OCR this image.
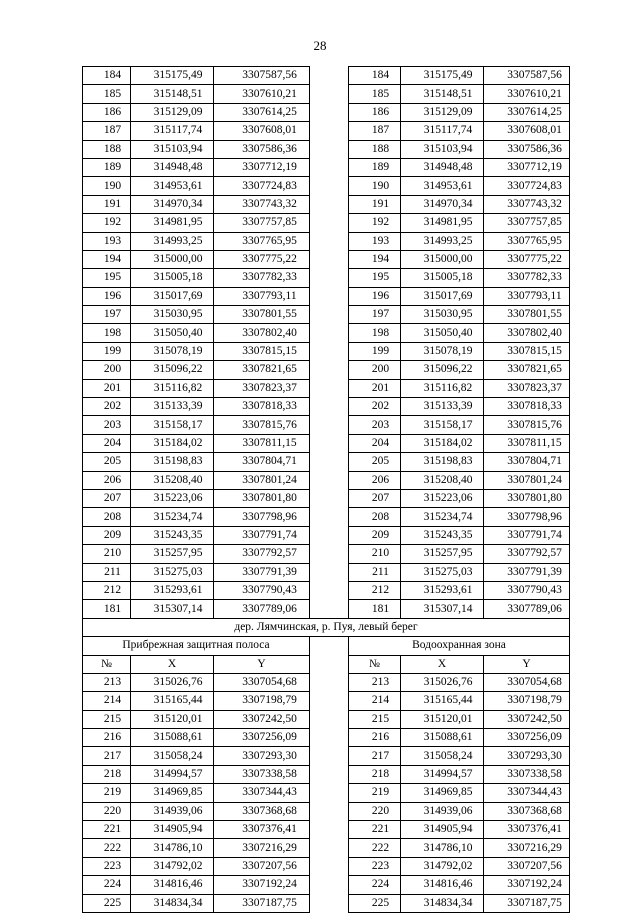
28
184	315175,49	3307587,56		184	315175,49	3307587,56
185	315148,51	3307610,21		185	315148,51	3307610,21
186	315129,09	3307614,25		186	315129,09	3307614,25
187	315117,74	3307608,01		187	315117,74	3307608,01
188	315103,94	3307586,36		188	315103,94	3307586,36
189	314948,48	3307712,19		189	314948,48	3307712,19
190	314953,61	3307724,83		190	314953,61	3307724,83
191	314970,34	3307743,32		191	314970,34	3307743,32
192	314981,95	3307757,85		192	314981,95	3307757,85
193	314993,25	3307765,95		193	314993,25	3307765,95
194	315000,00	3307775,22		194	315000,00	3307775,22
195	315005,18	3307782,33		195	315005,18	3307782,33
196	315017,69	3307793,11		196	315017,69	3307793,11
197	315030,95	3307801,55		197	315030,95	3307801,55
198	315050,40	3307802,40		198	315050,40	3307802,40
199	315078,19	3307815,15		199	315078,19	3307815,15
200	315096,22	3307821,65		200	315096,22	3307821,65
201	315116,82	3307823,37		201	315116,82	3307823,37
202	315133,39	3307818,33		202	315133,39	3307818,33
203	315158,17	3307815,76		203	315158,17	3307815,76
204	315184,02	3307811,15		204	315184,02	3307811,15
205	315198,83	3307804,71		205	315198,83	3307804,71
206	315208,40	3307801,24		206	315208,40	3307801,24
207	315223,06	3307801,80		207	315223,06	3307801,80
208	315234,74	3307798,96		208	315234,74	3307798,96
209	315243,35	3307791,74		209	315243,35	3307791,74
210	315257,95	3307792,57		210	315257,95	3307792,57
211	315275,03	3307791,39		211	315275,03	3307791,39
212	315293,61	3307790,43		212	315293,61	3307790,43
181	315307,14	3307789,06		181	315307,14	3307789,06
дер. Лямчинская, р. Пуя, левый берег						
Прибрежная защитная полоса				Водоохранная зона		
№	X	Y		№	X	Y
213	315026,76	3307054,68		213	315026,76	3307054,68
214	315165,44	3307198,79		214	315165,44	3307198,79
215	315120,01	3307242,50		215	315120,01	3307242,50
216	315088,61	3307256,09		216	315088,61	3307256,09
217	315058,24	3307293,30		217	315058,24	3307293,30
218	314994,57	3307338,58		218	314994,57	3307338,58
219	314969,85	3307344,43		219	314969,85	3307344,43
220	314939,06	3307368,68		220	314939,06	3307368,68
221	314905,94	3307376,41		221	314905,94	3307376,41
222	314786,10	3307216,29		222	314786,10	3307216,29
223	314792,02	3307207,56		223	314792,02	3307207,56
224	314816,46	3307192,24		224	314816,46	3307192,24
225	314834,34	3307187,75		225	314834,34	3307187,75
